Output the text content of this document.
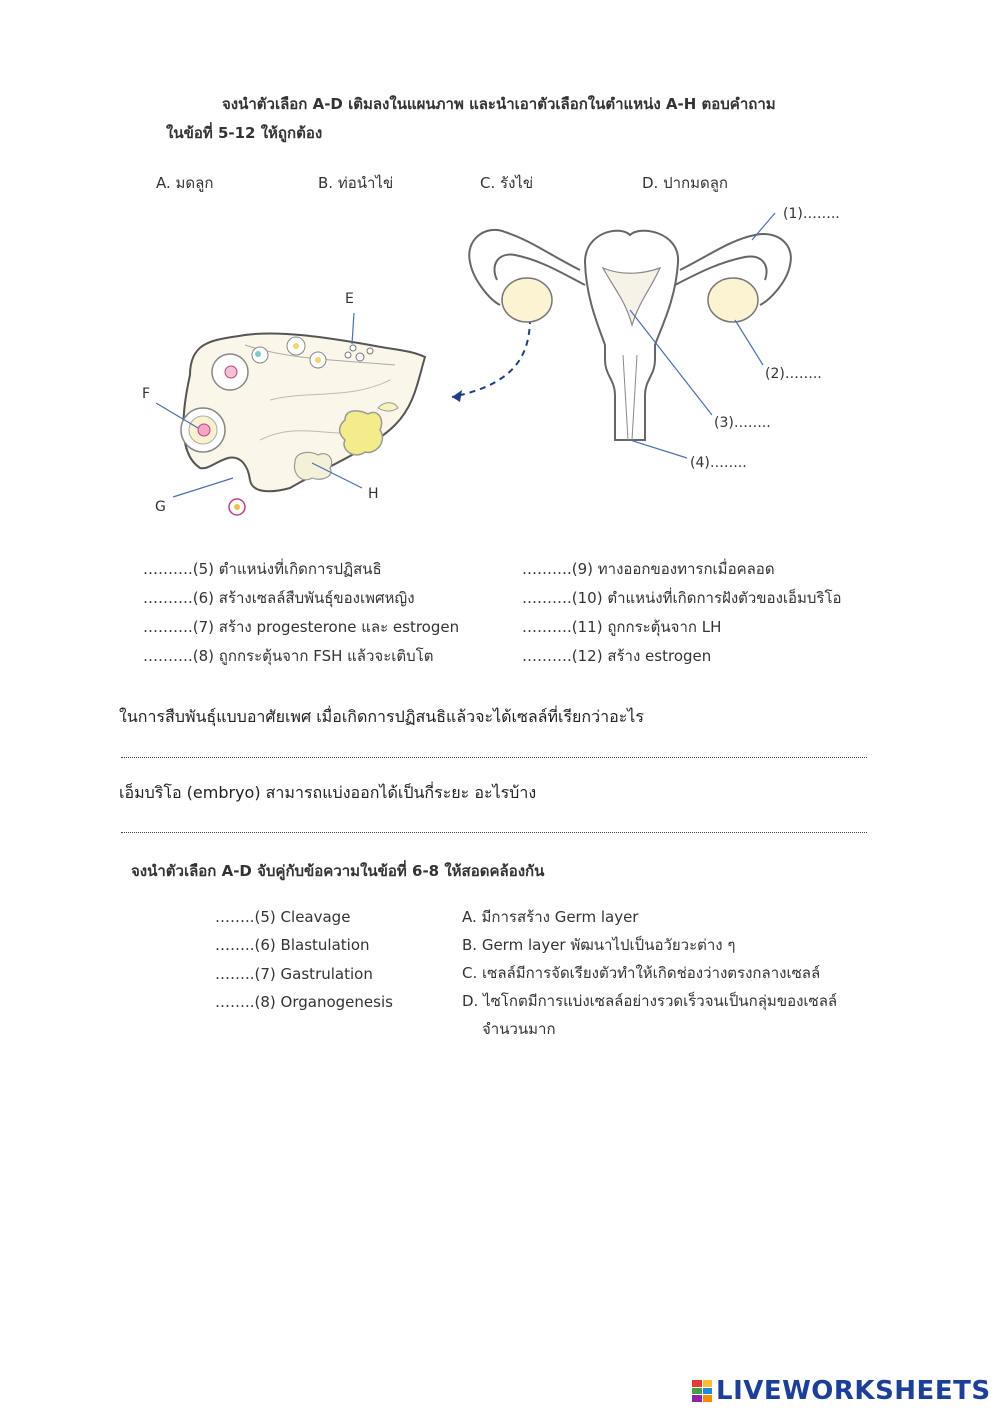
จงนำตัวเลือก A-D เติมลงในแผนภาพ และนำเอาตัวเลือกในตำแหน่ง A-H ตอบคำถาม
ในข้อที่ 5-12 ให้ถูกต้อง
A. มดลูก	B. ท่อนำไข่	C. รังไข่	D. ปากมดลูก
E
F
G
H
(1)……..
(2)……..
(3)……..
(4)……..
……….(5) ตำแหน่งที่เกิดการปฏิสนธิ
……….(6) สร้างเซลล์สืบพันธุ์ของเพศหญิง
……….(7) สร้าง progesterone และ estrogen
……….(8) ถูกกระตุ้นจาก FSH แล้วจะเติบโต
……….(9) ทางออกของทารกเมื่อคลอด
……….(10) ตำแหน่งที่เกิดการฝังตัวของเอ็มบริโอ
……….(11) ถูกกระตุ้นจาก LH
……….(12) สร้าง estrogen
ในการสืบพันธุ์แบบอาศัยเพศ เมื่อเกิดการปฏิสนธิแล้วจะได้เซลล์ที่เรียกว่าอะไร
เอ็มบริโอ (embryo) สามารถแบ่งออกได้เป็นกี่ระยะ อะไรบ้าง
จงนำตัวเลือก A-D จับคู่กับข้อความในข้อที่ 6-8 ให้สอดคล้องกัน
……..(5) Cleavage
……..(6) Blastulation
……..(7) Gastrulation
……..(8) Organogenesis
A. มีการสร้าง Germ layer
B. Germ layer พัฒนาไปเป็นอวัยวะต่าง ๆ
C. เซลล์มีการจัดเรียงตัวทำให้เกิดช่องว่างตรงกลางเซลล์
D. ไซโกตมีการแบ่งเซลล์อย่างรวดเร็วจนเป็นกลุ่มของเซลล์
จำนวนมาก
LIVEWORKSHEETS
